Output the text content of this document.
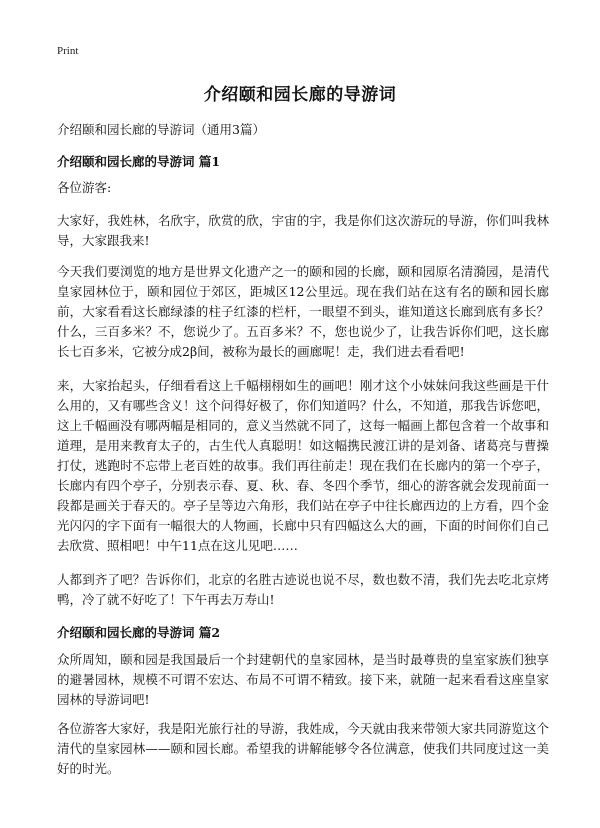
Print
介绍颐和园长廊的导游词
介绍颐和园长廊的导游词（通用3篇）
介绍颐和园长廊的导游词 篇1

各位游客:

大家好，我姓林，名欣宇，欣赏的欣，宇宙的宇，我是你们这次游玩的导游，你们叫我林导，大家跟我来!

今天我们要浏览的地方是世界文化遗产之一的颐和园的长廊，颐和园原名清漪园，是清代皇家园林位于，颐和园位于郊区，距城区12公里远。现在我们站在这有名的颐和园长廊前，大家看看这长廊绿漆的柱子红漆的栏杆，一眼望不到头，谁知道这长廊到底有多长？什么，三百多米？不，您说少了。五百多米？不，您也说少了，让我告诉你们吧，这长廊长七百多米，它被分成2β间，被称为最长的画廊呢！走，我们进去看看吧!

来，大家抬起头，仔细看看这上千幅栩栩如生的画吧！刚才这个小妹妹问我这些画是干什么用的，又有哪些含义！这个问得好极了，你们知道吗？什么，不知道，那我告诉您吧，这上千幅画没有哪两幅是相同的，意义当然就不同了，这每一幅画上都包含着一个故事和道理，是用来教育太子的，古生代人真聪明！如这幅携民渡江讲的是刘备、诸葛亮与曹操打仗，逃跑时不忘带上老百姓的故事。我们再往前走！现在我们在长廊内的第一个亭子，长廊内有四个亭子，分别表示春、夏、秋、春、冬四个季节，细心的游客就会发现前面一段都是画关于春天的。亭子呈等边六角形，我们站在亭子中往长廊西边的上方看，四个金光闪闪的字下面有一幅很大的人物画，长廊中只有四幅这么大的画，下面的时间你们自己去欣赏、照相吧！中午11点在这儿见吧……

人都到齐了吧？告诉你们，北京的名胜古迹说也说不尽，数也数不清，我们先去吃北京烤鸭，冷了就不好吃了！下午再去万寿山!

介绍颐和园长廊的导游词 篇2

众所周知，颐和园是我国最后一个封建朝代的皇家园林，是当时最尊贵的皇室家族们独享的避暑园林，规模不可谓不宏达、布局不可谓不精致。接下来，就随一起来看看这座皇家园林的导游词吧!

各位游客大家好，我是阳光旅行社的导游，我姓成，今天就由我来带领大家共同游览这个清代的皇家园林——颐和园长廊。希望我的讲解能够令各位满意，使我们共同度过这一美好的时光。
